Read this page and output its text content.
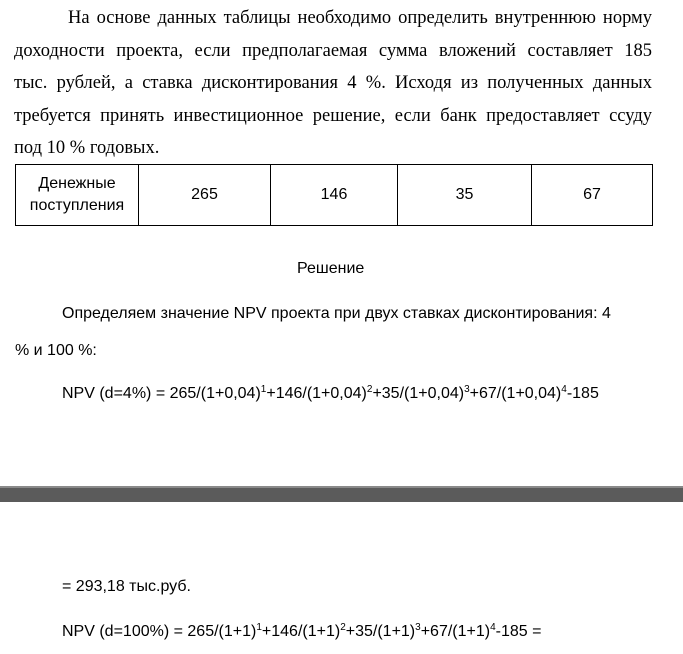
На основе данных таблицы необходимо определить внутреннюю норму
доходности проекта, если предполагаемая сумма вложений составляет 185
тыс. рублей, а ставка дисконтирования 4 %. Исходя из полученных данных
требуется принять инвестиционное решение, если банк предоставляет ссуду
под 10 % годовых.
Денежные поступления	265	146	35	67
Решение
Определяем значение NPV проекта при двух ставках дисконтирования: 4
% и 100 %:
NPV $(d=4\%) = 265/(1+0,04)^1+146/(1+0,04)^2+35/(1+0,04)^3+67/(1+0,04)^4-185$
= 293,18 тыс.руб.
NPV $(d=100\%) = 265/(1+1)^1+146/(1+1)^2+35/(1+1)^3+67/(1+1)^4-185$ =
